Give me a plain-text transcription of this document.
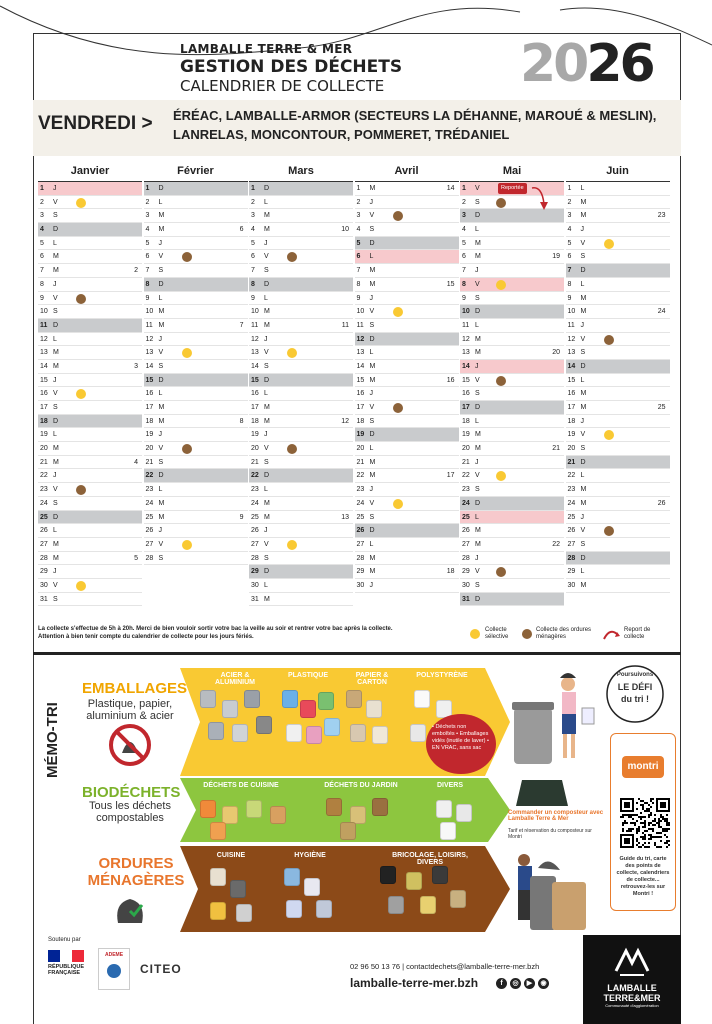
LAMBALLE TERRE & MER
GESTION DES DÉCHETS
CALENDRIER DE COLLECTE	2026
VENDREDI > ÉRÉAC, LAMBALLE-ARMOR (SECTEURS LA DÉHANNE, MAROUÉ & MESLIN),
LANRELAS, MONCONTOUR, POMMERET, TRÉDANIEL
Janvier
1 J
2 V
3 S
4 D
5 L
6 M
7 M	2
8 J
9 V
10 S
11 D
12 L
13 M
14 M	3
15 J
16 V
17 S
18 D
19 L
20 M
21 M	4
22 J
23 V
24 S
25 D
26 L
27 M
28 M	5
29 J
30 V
31 S
Février
1 D
2 L
3 M
4 M	6
5 J
6 V
7 S
8 D
9 L
10 M
11 M	7
12 J
13 V
14 S
15 D
16 L
17 M
18 M	8
19 J
20 V
21 S
22 D
23 L
24 M
25 M	9
26 J
27 V
28 S
Mars
1 D
2 L
3 M
4 M	10
5 J
6 V
7 S
8 D
9 L
10 M
11 M	11
12 J
13 V
14 S
15 D
16 L
17 M
18 M	12
19 J
20 V
21 S
22 D
23 L
24 M
25 M	13
26 J
27 V
28 S
29 D
30 L
31 M
Avril
1 M	14
2 J
3 V
4 S
5 D
6 L
7 M
8 M	15
9 J
10 V
11 S
12 D
13 L
14 M
15 M	16
16 J
17 V
18 S
19 D
20 L
21 M
22 M	17
23 J
24 V
25 S
26 D
27 L
28 M
29 M	18
30 J
Mai
1 V	Reportée
2 S
3 D
4 L
5 M
6 M	19
7 J
8 V
9 S
10 D
11 L
12 M
13 M	20
14 J
15 V
16 S
17 D
18 L
19 M
20 M	21
21 J
22 V
23 S
24 D
25 L
26 M
27 M	22
28 J
29 V
30 S
31 D
Juin
1 L
2 M
3 M	23
4 J
5 V
6 S
7 D
8 L
9 M
10 M	24
11 J
12 V
13 S
14 D
15 L
16 M
17 M	25
18 J
19 V
20 S
21 D
22 L
23 M
24 M	26
25 J
26 V
27 S
28 D
29 L
30 M
La collecte s'effectue de 5h à 20h. Merci de bien vouloir sortir votre bac la veille au soir et rentrer votre bac après la collecte.
Attention à bien tenir compte du calendrier de collecte pour les jours fériés.
Collecte sélective
Collecte des ordures ménagères
Report de collecte
MÉMO-TRI
EMBALLAGES
Plastique, papier,
aluminium & acier
BIODÉCHETS
Tous les déchets
compostables
ORDURES
MÉNAGÈRES
ACIER & ALUMINIUM
PLASTIQUE	PAPIER & CARTON
POLYSTYRÈNE
DÉCHETS DE CUISINE	DÉCHETS DU JARDIN	DIVERS
CUISINE	HYGIÈNE	BRICOLAGE, LOISIRS, DIVERS
• Déchets non emboîtés • Emballages vidés (inutile de laver) • EN VRAC, sans sac
Poursuivons
LE DÉFI
du tri !
Commander un composteur avec Lamballe Terre & Mer
Tarif et réservation du composteur sur Montri
montri
Guide du tri, carte des points de collecte, calendriers de collecte... retrouvez-les sur Montri !
Soutenu par
RÉPUBLIQUE FRANÇAISE
ADEME
CITEO	02 96 50 13 76 | contactdechets@lamballe-terre-mer.bzh
lamballe-terre-mer.bzh	f	◎	▶	◉	LAMBALLE
TERRE&MER
Communauté d'agglomération
